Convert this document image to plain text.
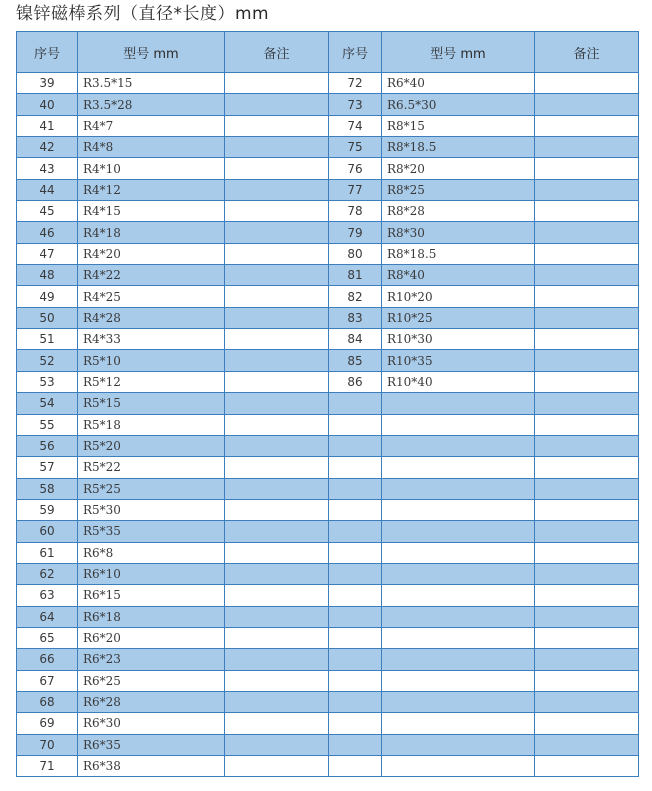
镍锌磁棒系列（直径*长度）mm
序号	型号 mm	备注	序号	型号 mm	备注
39	R3.5*15		72	R6*40	
40	R3.5*28		73	R6.5*30	
41	R4*7		74	R8*15	
42	R4*8		75	R8*18.5	
43	R4*10		76	R8*20	
44	R4*12		77	R8*25	
45	R4*15		78	R8*28	
46	R4*18		79	R8*30	
47	R4*20		80	R8*18.5	
48	R4*22		81	R8*40	
49	R4*25		82	R10*20	
50	R4*28		83	R10*25	
51	R4*33		84	R10*30	
52	R5*10		85	R10*35	
53	R5*12		86	R10*40	
54	R5*15				
55	R5*18				
56	R5*20				
57	R5*22				
58	R5*25				
59	R5*30				
60	R5*35				
61	R6*8				
62	R6*10				
63	R6*15				
64	R6*18				
65	R6*20				
66	R6*23				
67	R6*25				
68	R6*28				
69	R6*30				
70	R6*35				
71	R6*38				
